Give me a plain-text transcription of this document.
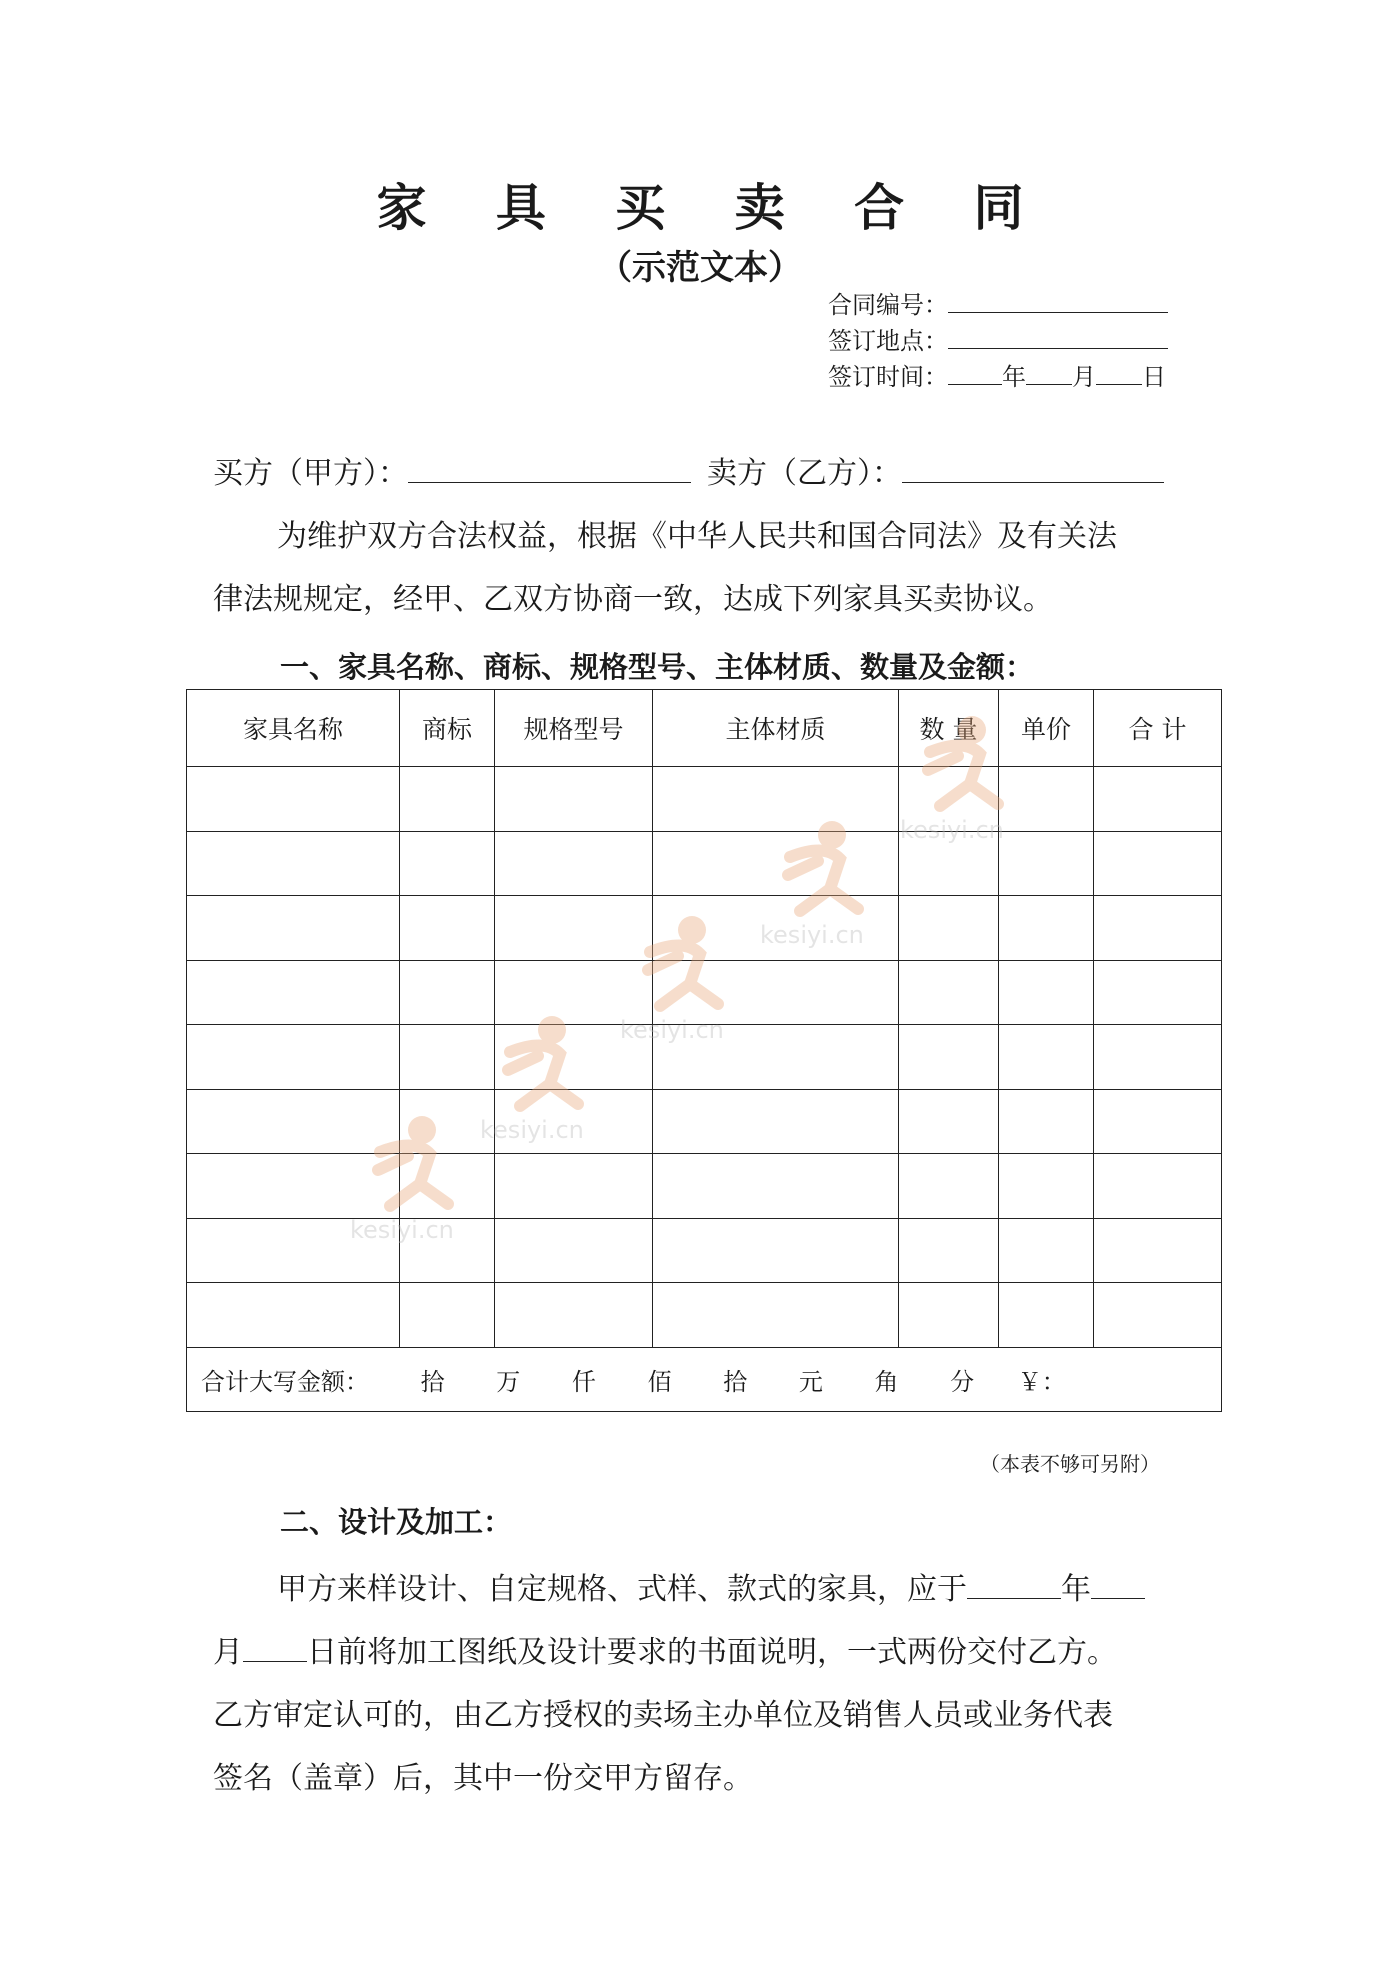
家 具 买 卖 合 同
（示范文本）
合同编号：
签订地点：
签订时间： 年 月 日
买方（甲方）：	卖方（乙方）：
为维护双方合法权益，根据《中华人民共和国合同法》及有关法
律法规规定，经甲、乙双方协商一致，达成下列家具买卖协议。
一、家具名称、商标、规格型号、主体材质、数量及金额：
家具名称	商标	规格型号	主体材质	数 量	单价	合 计

合计大写金额： 拾 万 仟 佰 拾 元 角 分 ￥：						
（本表不够可另附）
二、设计及加工：
甲方来样设计、自定规格、式样、款式的家具，应于	年
月 日前将加工图纸及设计要求的书面说明，一式两份交付乙方。
乙方审定认可的，由乙方授权的卖场主办单位及销售人员或业务代表
签名（盖章）后，其中一份交甲方留存。
kesiyi.cn
kesiyi.cn
kesiyi.cn
kesiyi.cn
kesiyi.cn
